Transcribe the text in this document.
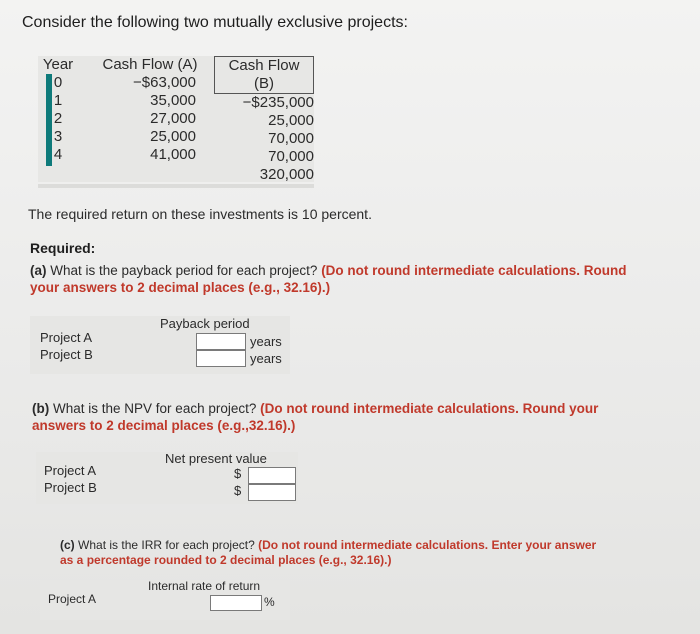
Consider the following two mutually exclusive projects:
Year
0
1
2
3
4
Cash Flow (A)
−$63,000
35,000
27,000
25,000
41,000
Cash Flow (B)
−$235,000
25,000
70,000
70,000
320,000
The required return on these investments is 10 percent.
Required:
(a) What is the payback period for each project? (Do not round intermediate calculations. Round your answers to 2 decimal places (e.g., 32.16).)
Payback period
Project A
Project B
years
years
(b) What is the NPV for each project? (Do not round intermediate calculations. Round your answers to 2 decimal places (e.g.,32.16).)
Net present value
Project A
Project B
$
$
(c) What is the IRR for each project? (Do not round intermediate calculations. Enter your answer as a percentage rounded to 2 decimal places (e.g., 32.16).)
Internal rate of return
Project A	%
